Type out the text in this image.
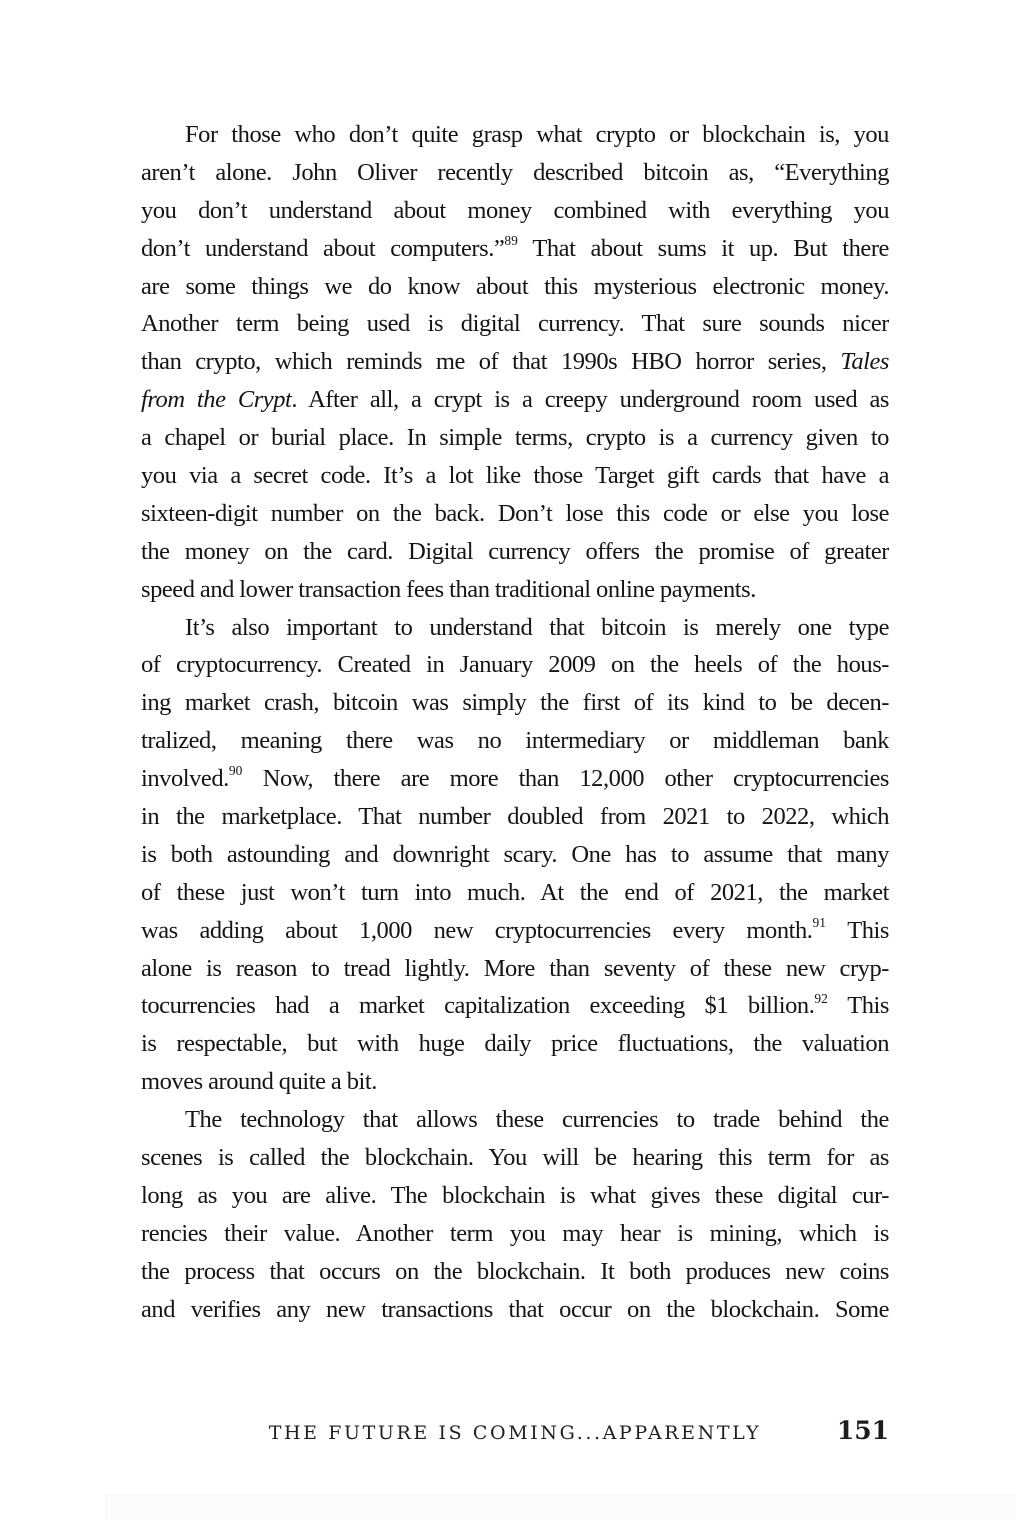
For those who don’t quite grasp what crypto or blockchain is, you
aren’t alone. John Oliver recently described bitcoin as, “Everything
you don’t understand about money combined with everything you
don’t understand about computers.”$^{89}$ That about sums it up. But there
are some things we do know about this mysterious electronic money.
Another term being used is digital currency. That sure sounds nicer
than crypto, which reminds me of that 1990s HBO horror series, Tales
from the Crypt. After all, a crypt is a creepy underground room used as
a chapel or burial place. In simple terms, crypto is a currency given to
you via a secret code. It’s a lot like those Target gift cards that have a
sixteen-digit number on the back. Don’t lose this code or else you lose
the money on the card. Digital currency offers the promise of greater
speed and lower transaction fees than traditional online payments.

It’s also important to understand that bitcoin is merely one type
of cryptocurrency. Created in January 2009 on the heels of the hous-
ing market crash, bitcoin was simply the first of its kind to be decen-
tralized, meaning there was no intermediary or middleman bank
involved.$^{90}$ Now, there are more than 12,000 other cryptocurrencies
in the marketplace. That number doubled from 2021 to 2022, which
is both astounding and downright scary. One has to assume that many
of these just won’t turn into much. At the end of 2021, the market
was adding about 1,000 new cryptocurrencies every month.$^{91}$ This
alone is reason to tread lightly. More than seventy of these new cryp-
tocurrencies had a market capitalization exceeding $1 billion.$^{92}$ This
is respectable, but with huge daily price fluctuations, the valuation
moves around quite a bit.

The technology that allows these currencies to trade behind the
scenes is called the blockchain. You will be hearing this term for as
long as you are alive. The blockchain is what gives these digital cur-
rencies their value. Another term you may hear is mining, which is
the process that occurs on the blockchain. It both produces new coins
and verifies any new transactions that occur on the blockchain. Some

THE FUTURE IS COMING...APPARENTLY	151
